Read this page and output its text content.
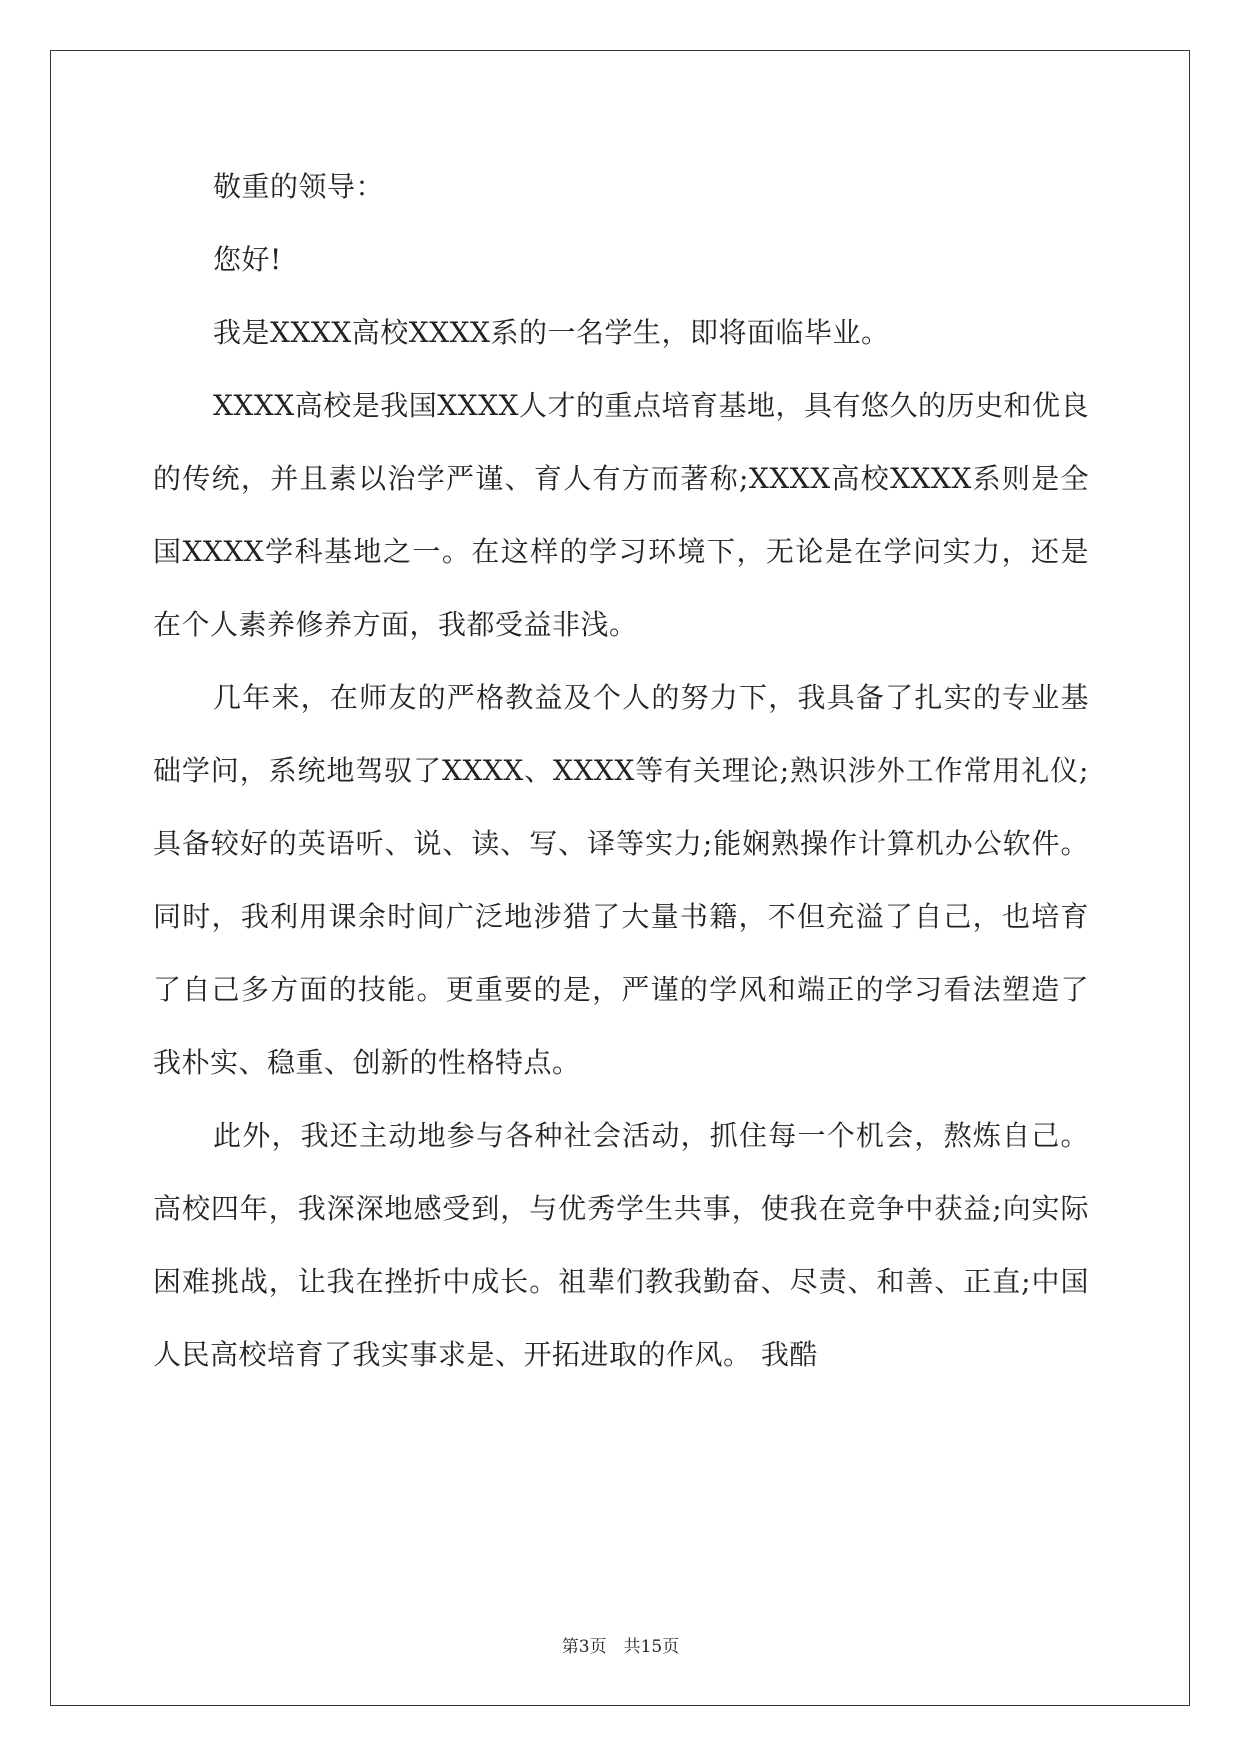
敬重的领导：

您好!

我是XXXX高校XXXX系的一名学生，即将面临毕业。

XXXX高校是我国XXXX人才的重点培育基地，具有悠久的历史和优良的传统，并且素以治学严谨、育人有方而著称;XXXX高校XXXX系则是全国XXXX学科基地之一。在这样的学习环境下，无论是在学问实力，还是在个人素养修养方面，我都受益非浅。

几年来，在师友的严格教益及个人的努力下，我具备了扎实的专业基础学问，系统地驾驭了XXXX、XXXX等有关理论;熟识涉外工作常用礼仪;具备较好的英语听、说、读、写、译等实力;能娴熟操作计算机办公软件。同时，我利用课余时间广泛地涉猎了大量书籍，不但充溢了自己，也培育了自己多方面的技能。更重要的是，严谨的学风和端正的学习看法塑造了我朴实、稳重、创新的性格特点。

此外，我还主动地参与各种社会活动，抓住每一个机会，熬炼自己。高校四年，我深深地感受到，与优秀学生共事，使我在竞争中获益;向实际困难挑战，让我在挫折中成长。祖辈们教我勤奋、尽责、和善、正直;中国人民高校培育了我实事求是、开拓进取的作风。 我酷

第3页　共15页
